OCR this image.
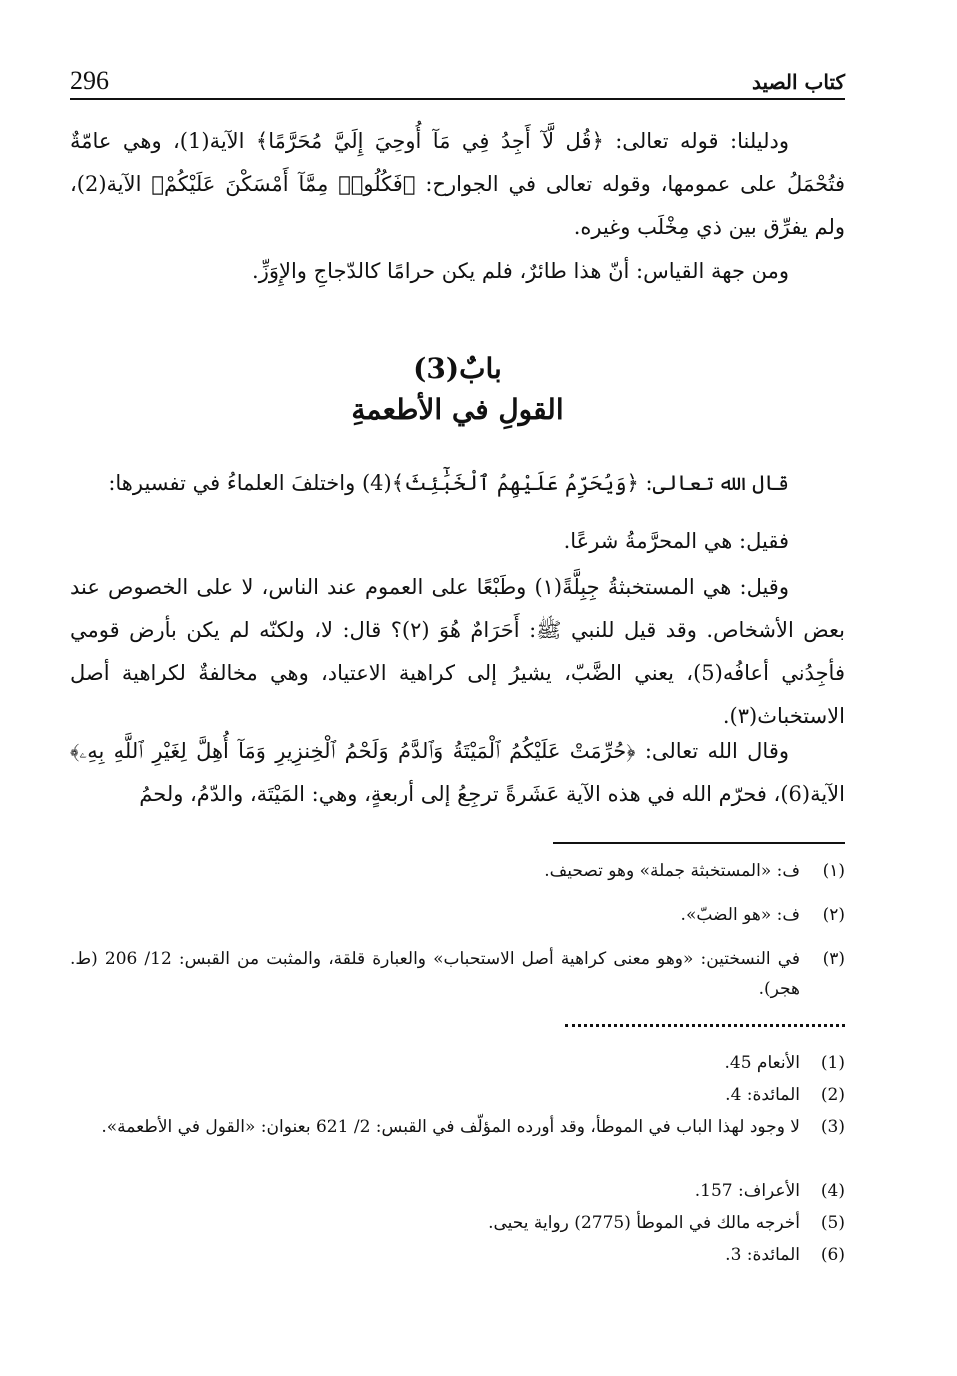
296	كتاب الصيد

ودليلنا: قوله تعالى: ﴿قُل لَّآ أَجِدُ فِي مَآ أُوحِيَ إِلَيَّ مُحَرَّمًا﴾ الآية(1)، وهي عامّةٌ فتُحْمَلُ على عمومها، وقوله تعالى في الجوارح: ﴿فَكُلُوا۟ مِمَّآ أَمْسَكْنَ عَلَيْكُمْ﴾ الآية(2)، ولم يفرِّق بين ذي مِخْلَب وغيره.

ومن جهة القياس: أنّ هذا طائرٌ، فلم يكن حرامًا كالدّجاجِ والإِوَزِّ.

بابٌ(3)
القولِ في الأطعمةِ

قال الله تعالى: ﴿وَيُحَرِّمُ عَلَيْهِمُ ٱلْخَبَٰٓئِثَ﴾(4) واختلفَ العلماءُ في تفسيرها:

فقيل: هي المحرَّمةُ شرعًا.

وقيل: هي المستخبثةُ جِبِلَّةً(١) وطَبْعًا على العموم عند الناس، لا على الخصوص عند بعض الأشخاص. وقد قيل للنبي ﷺ: أَحَرَامٌ هُوَ (٢)؟ قال: لا، ولكنّه لم يكن بأرض قومي فأجِدُني أعافُه(5)، يعني الضَّبّ، يشيرُ إلى كراهية الاعتياد، وهي مخالفةٌ لكراهية أصل الاستخباث(٣).

وقال الله تعالى: ﴿حُرِّمَتْ عَلَيْكُمُ ٱلْمَيْتَةُ وَٱلدَّمُ وَلَحْمُ ٱلْخِنزِيرِ وَمَآ أُهِلَّ لِغَيْرِ ٱللَّهِ بِهِۦ﴾ الآية(6)، فحرّم الله في هذه الآية عَشَرةً ترجِعُ إلى أربعةٍ، وهي: المَيْتَة، والدّمُ، ولحمُ

(١)
ف: «المستخبثة جملة» وهو تصحيف.
(٢)
ف: «هو الضبّ».
(٣)
في النسختين: «وهو معنى كراهية أصل الاستحباب» والعبارة قلقة، والمثبت من القبس: 12/ 206 (ط. هجر).
(1)
الأنعام 45.
(2)
المائدة: 4.
(3)
لا وجود لهذا الباب في الموطأ، وقد أورده المؤلّف في القبس: 2/ 621 بعنوان: «القول في الأطعمة».
(4)
الأعراف: 157.
(5)
أخرجه مالك في الموطأ (2775) رواية يحيى.
(6)
المائدة: 3.
